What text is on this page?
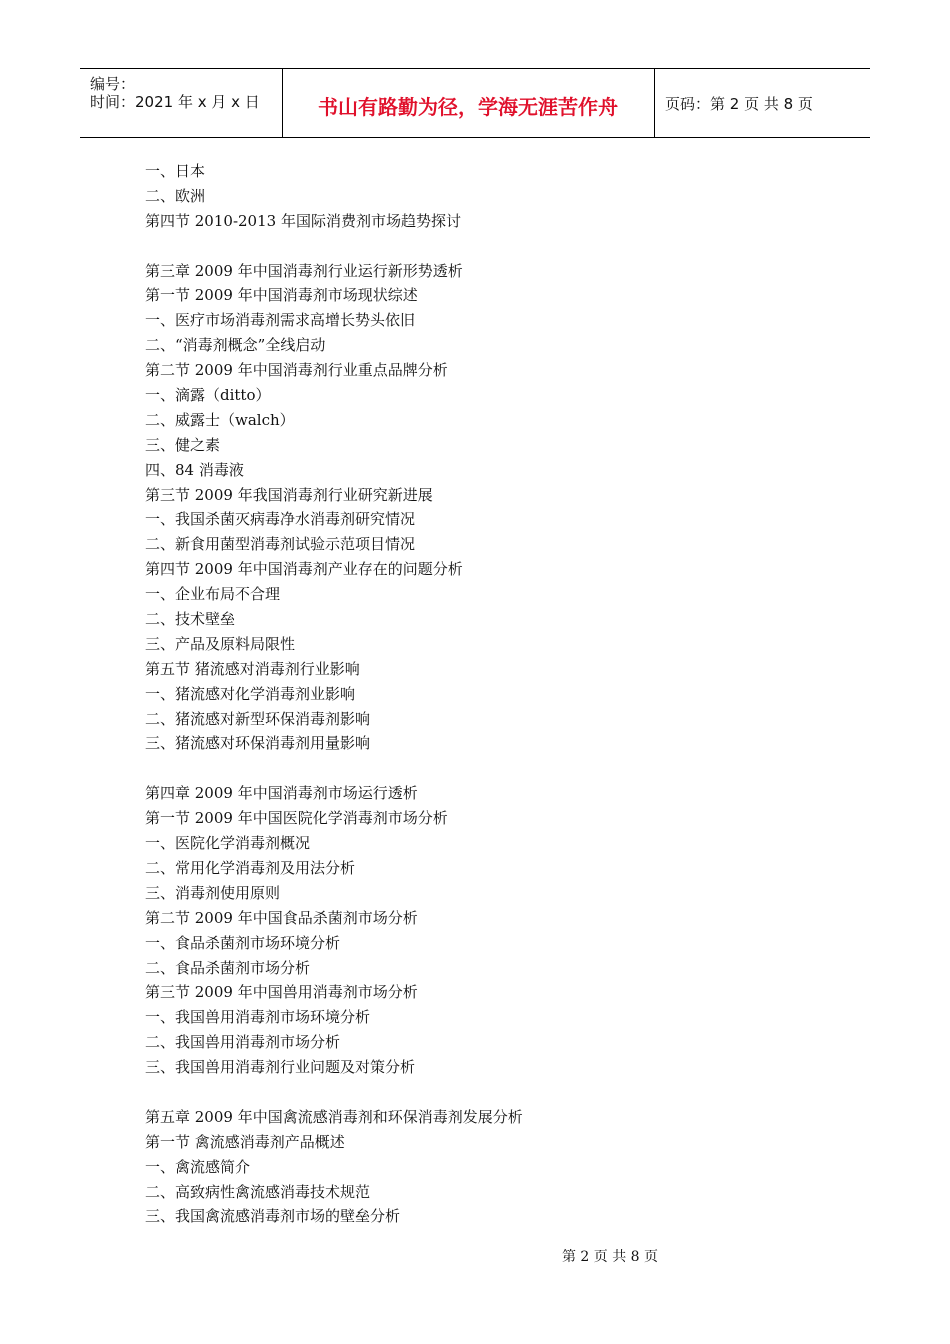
编号：
时间：2021 年 x 月 x 日	书山有路勤为径，学海无涯苦作舟	页码：第 2 页 共 8 页
一、日本
二、欧洲
第四节 2010-2013 年国际消费剂市场趋势探讨
第三章 2009 年中国消毒剂行业运行新形势透析
第一节 2009 年中国消毒剂市场现状综述
一、医疗市场消毒剂需求高增长势头依旧
二、“消毒剂概念”全线启动
第二节 2009 年中国消毒剂行业重点品牌分析
一、滴露（ditto）
二、威露士（walch）
三、健之素
四、84 消毒液
第三节 2009 年我国消毒剂行业研究新进展
一、我国杀菌灭病毒净水消毒剂研究情况
二、新食用菌型消毒剂试验示范项目情况
第四节 2009 年中国消毒剂产业存在的问题分析
一、企业布局不合理
二、技术壁垒
三、产品及原料局限性
第五节 猪流感对消毒剂行业影响
一、猪流感对化学消毒剂业影响
二、猪流感对新型环保消毒剂影响
三、猪流感对环保消毒剂用量影响
第四章 2009 年中国消毒剂市场运行透析
第一节 2009 年中国医院化学消毒剂市场分析
一、医院化学消毒剂概况
二、常用化学消毒剂及用法分析
三、消毒剂使用原则
第二节 2009 年中国食品杀菌剂市场分析
一、食品杀菌剂市场环境分析
二、食品杀菌剂市场分析
第三节 2009 年中国兽用消毒剂市场分析
一、我国兽用消毒剂市场环境分析
二、我国兽用消毒剂市场分析
三、我国兽用消毒剂行业问题及对策分析
第五章 2009 年中国禽流感消毒剂和环保消毒剂发展分析
第一节 禽流感消毒剂产品概述
一、禽流感简介
二、高致病性禽流感消毒技术规范
三、我国禽流感消毒剂市场的壁垒分析
第 2 页 共 8 页
